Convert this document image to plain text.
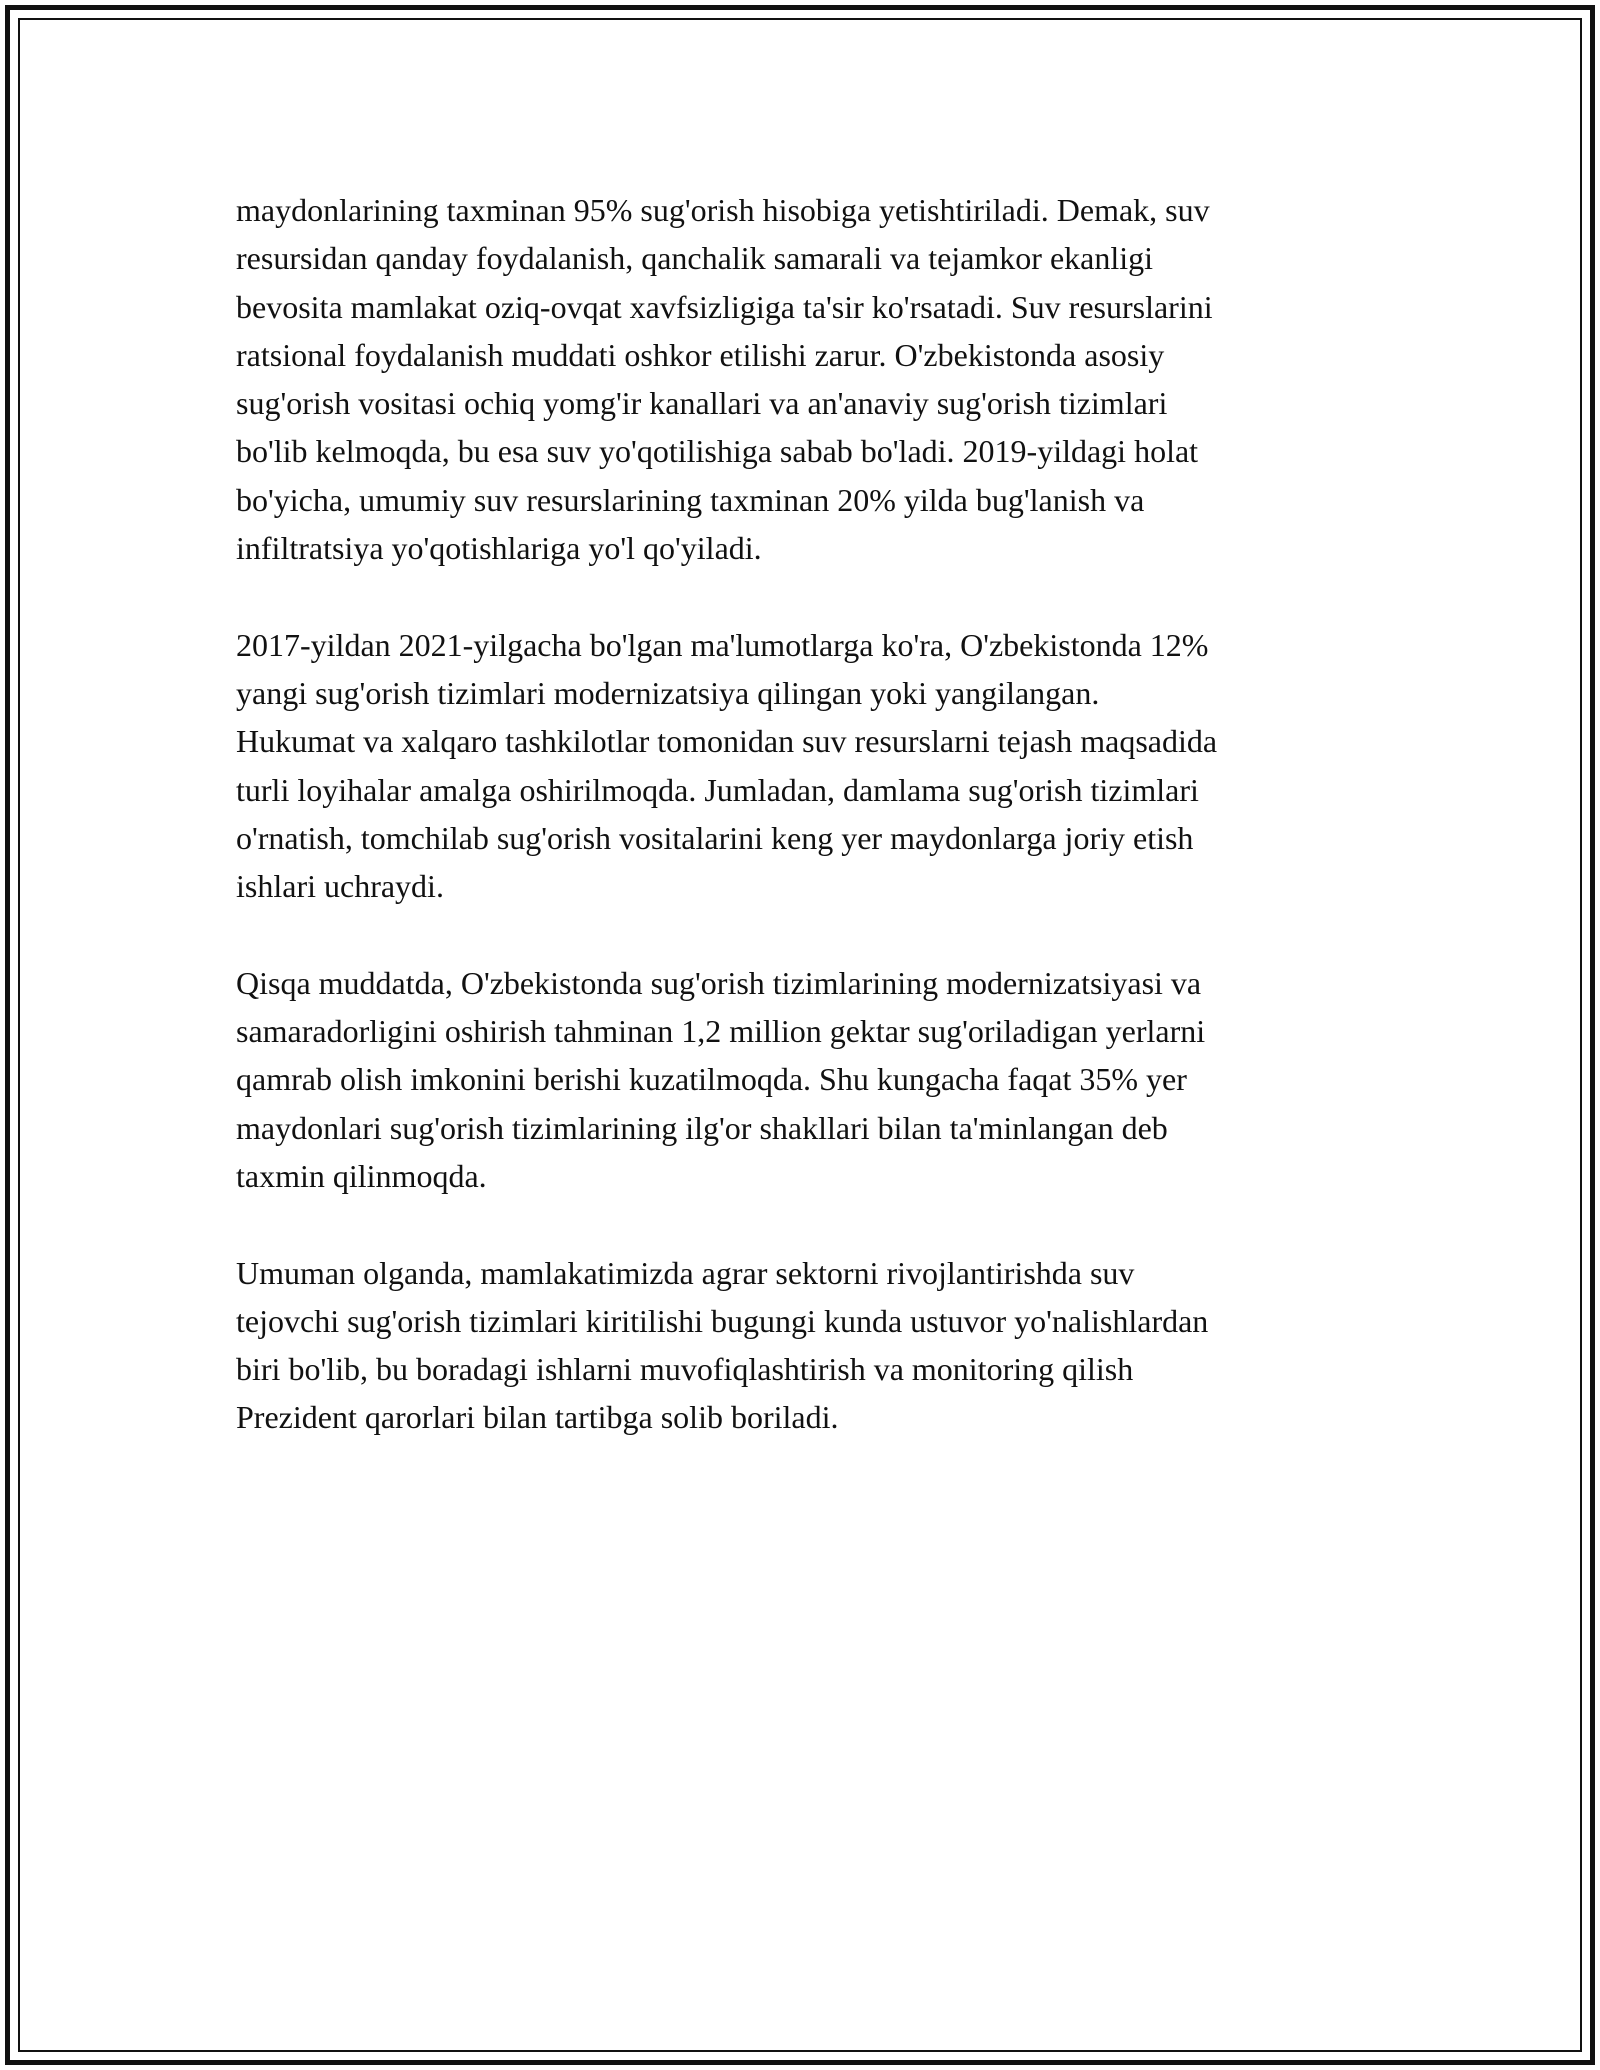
maydonlarining taxminan 95% sug'orish hisobiga yetishtiriladi. Demak, suv
resursidan qanday foydalanish, qanchalik samarali va tejamkor ekanligi
bevosita mamlakat oziq-ovqat xavfsizligiga ta'sir ko'rsatadi. Suv resurslarini
ratsional foydalanish muddati oshkor etilishi zarur. O'zbekistonda asosiy
sug'orish vositasi ochiq yomg'ir kanallari va an'anaviy sug'orish tizimlari
bo'lib kelmoqda, bu esa suv yo'qotilishiga sabab bo'ladi. 2019-yildagi holat
bo'yicha, umumiy suv resurslarining taxminan 20% yilda bug'lanish va
infiltratsiya yo'qotishlariga yo'l qo'yiladi.

2017-yildan 2021-yilgacha bo'lgan ma'lumotlarga ko'ra, O'zbekistonda 12%
yangi sug'orish tizimlari modernizatsiya qilingan yoki yangilangan.
Hukumat va xalqaro tashkilotlar tomonidan suv resurslarni tejash maqsadida
turli loyihalar amalga oshirilmoqda. Jumladan, damlama sug'orish tizimlari
o'rnatish, tomchilab sug'orish vositalarini keng yer maydonlarga joriy etish
ishlari uchraydi.

Qisqa muddatda, O'zbekistonda sug'orish tizimlarining modernizatsiyasi va
samaradorligini oshirish tahminan 1,2 million gektar sug'oriladigan yerlarni
qamrab olish imkonini berishi kuzatilmoqda. Shu kungacha faqat 35% yer
maydonlari sug'orish tizimlarining ilg'or shakllari bilan ta'minlangan deb
taxmin qilinmoqda.

Umuman olganda, mamlakatimizda agrar sektorni rivojlantirishda suv
tejovchi sug'orish tizimlari kiritilishi bugungi kunda ustuvor yo'nalishlardan
biri bo'lib, bu boradagi ishlarni muvofiqlashtirish va monitoring qilish
Prezident qarorlari bilan tartibga solib boriladi.
